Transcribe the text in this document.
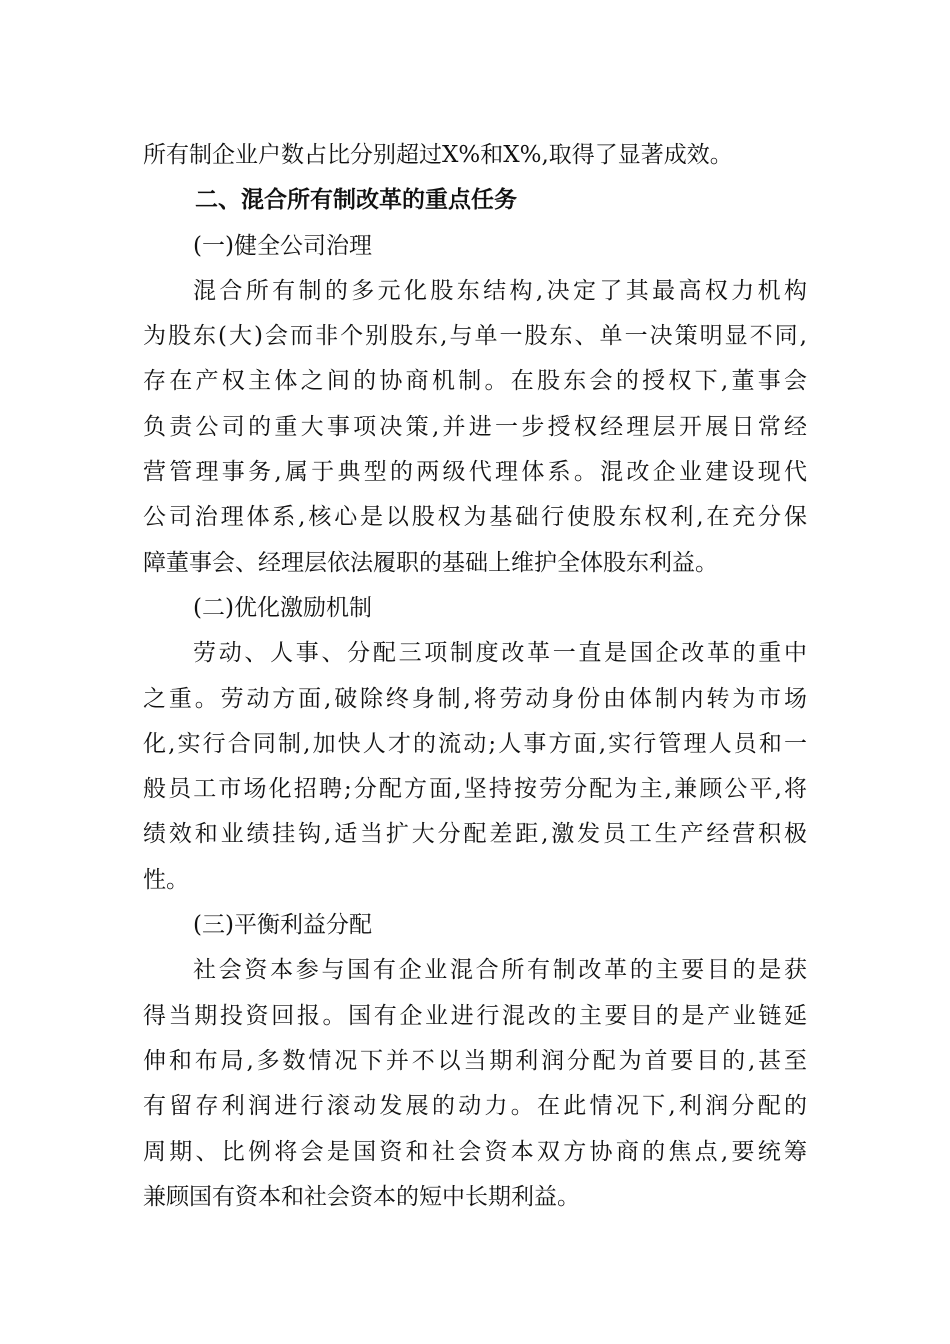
所有制企业户数占比分别超过X%和X%,取得了显著成效。
二、混合所有制改革的重点任务
(一)健全公司治理
混合所有制的多元化股东结构,决定了其最高权力机构
为股东(大)会而非个别股东,与单一股东、单一决策明显不同,
存在产权主体之间的协商机制。在股东会的授权下,董事会
负责公司的重大事项决策,并进一步授权经理层开展日常经
营管理事务,属于典型的两级代理体系。混改企业建设现代
公司治理体系,核心是以股权为基础行使股东权利,在充分保
障董事会、经理层依法履职的基础上维护全体股东利益。
(二)优化激励机制
劳动、人事、分配三项制度改革一直是国企改革的重中
之重。劳动方面,破除终身制,将劳动身份由体制内转为市场
化,实行合同制,加快人才的流动;人事方面,实行管理人员和一
般员工市场化招聘;分配方面,坚持按劳分配为主,兼顾公平,将
绩效和业绩挂钩,适当扩大分配差距,激发员工生产经营积极
性。
(三)平衡利益分配
社会资本参与国有企业混合所有制改革的主要目的是获
得当期投资回报。国有企业进行混改的主要目的是产业链延
伸和布局,多数情况下并不以当期利润分配为首要目的,甚至
有留存利润进行滚动发展的动力。在此情况下,利润分配的
周期、比例将会是国资和社会资本双方协商的焦点,要统筹
兼顾国有资本和社会资本的短中长期利益。
